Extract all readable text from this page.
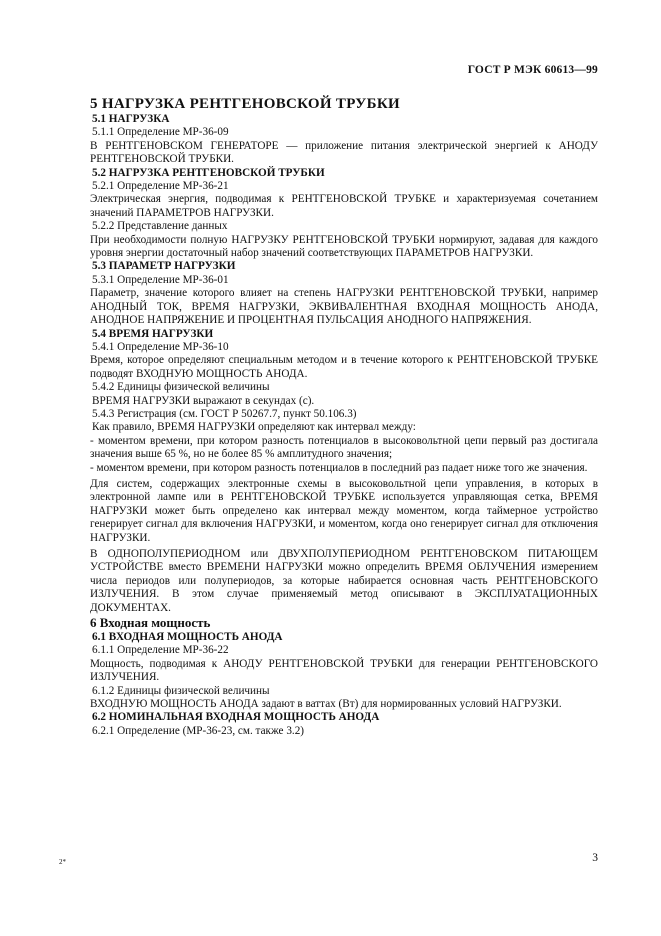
ГОСТ Р МЭК 60613—99

5 НАГРУЗКА РЕНТГЕНОВСКОЙ ТРУБКИ

5.1 НАГРУЗКА

5.1.1 Определение МР-36-09

В РЕНТГЕНОВСКОМ ГЕНЕРАТОРЕ — приложение питания электрической энергией к АНОДУ РЕНТГЕНОВСКОЙ ТРУБКИ.

5.2 НАГРУЗКА РЕНТГЕНОВСКОЙ ТРУБКИ

5.2.1 Определение МР-36-21

Электрическая энергия, подводимая к РЕНТГЕНОВСКОЙ ТРУБКЕ и характеризуемая сочетанием значений ПАРАМЕТРОВ НАГРУЗКИ.

5.2.2 Представление данных

При необходимости полную НАГРУЗКУ РЕНТГЕНОВСКОЙ ТРУБКИ нормируют, задавая для каждого уровня энергии достаточный набор значений соответствующих ПАРАМЕТРОВ НАГРУЗКИ.

5.3 ПАРАМЕТР НАГРУЗКИ

5.3.1 Определение МР-36-01

Параметр, значение которого влияет на степень НАГРУЗКИ РЕНТГЕНОВСКОЙ ТРУБКИ, например АНОДНЫЙ ТОК, ВРЕМЯ НАГРУЗКИ, ЭКВИВАЛЕНТНАЯ ВХОДНАЯ МОЩНОСТЬ АНОДА, АНОДНОЕ НАПРЯЖЕНИЕ И ПРОЦЕНТНАЯ ПУЛЬСАЦИЯ АНОДНОГО НАПРЯЖЕНИЯ.

5.4 ВРЕМЯ НАГРУЗКИ

5.4.1 Определение МР-36-10

Время, которое определяют специальным методом и в течение которого к РЕНТГЕНОВСКОЙ ТРУБКЕ подводят ВХОДНУЮ МОЩНОСТЬ АНОДА.

5.4.2 Единицы физической величины

ВРЕМЯ НАГРУЗКИ выражают в секундах (с).

5.4.3 Регистрация (см. ГОСТ Р 50267.7, пункт 50.106.3)

Как правило, ВРЕМЯ НАГРУЗКИ определяют как интервал между:

- моментом времени, при котором разность потенциалов в высоковольтной цепи первый раз достигала значения выше 65 %, но не более 85 % амплитудного значения;

- моментом времени, при котором разность потенциалов в последний раз падает ниже того же значения.

Для систем, содержащих электронные схемы в высоковольтной цепи управления, в которых в электронной лампе или в РЕНТГЕНОВСКОЙ ТРУБКЕ используется управляющая сетка, ВРЕМЯ НАГРУЗКИ может быть определено как интервал между моментом, когда таймерное устройство генерирует сигнал для включения НАГРУЗКИ, и моментом, когда оно генерирует сигнал для отключения НАГРУЗКИ.

В ОДНОПОЛУПЕРИОДНОМ или ДВУХПОЛУПЕРИОДНОМ РЕНТГЕНОВСКОМ ПИТАЮЩЕМ УСТРОЙСТВЕ вместо ВРЕМЕНИ НАГРУЗКИ можно определить ВРЕМЯ ОБЛУЧЕНИЯ измерением числа периодов или полупериодов, за которые набирается основная часть РЕНТГЕНОВСКОГО ИЗЛУЧЕНИЯ. В этом случае применяемый метод описывают в ЭКСПЛУАТАЦИОННЫХ ДОКУМЕНТАХ.

6 Входная мощность

6.1 ВХОДНАЯ МОЩНОСТЬ АНОДА

6.1.1 Определение МР-36-22

Мощность, подводимая к АНОДУ РЕНТГЕНОВСКОЙ ТРУБКИ для генерации РЕНТГЕНОВСКОГО ИЗЛУЧЕНИЯ.

6.1.2 Единицы физической величины

ВХОДНУЮ МОЩНОСТЬ АНОДА задают в ваттах (Вт) для нормированных условий НАГРУЗКИ.

6.2 НОМИНАЛЬНАЯ ВХОДНАЯ МОЩНОСТЬ АНОДА

6.2.1 Определение (МР-36-23, см. также 3.2)

2*	3
